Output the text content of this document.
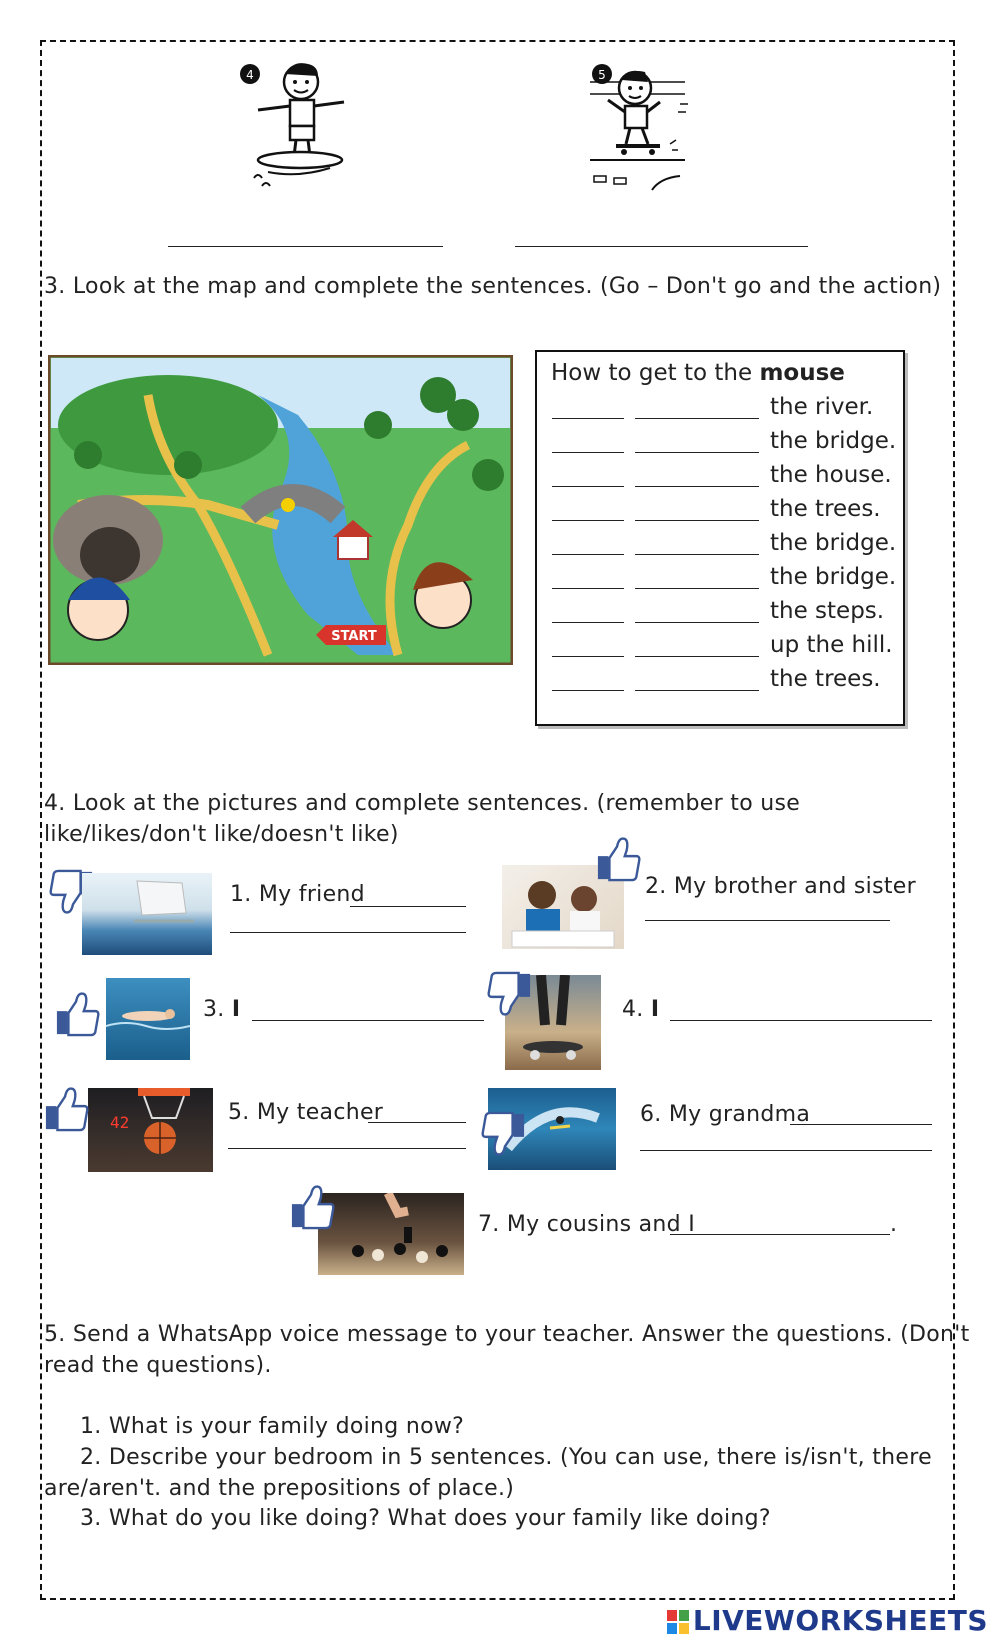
4	5
3. Look at the map and complete the sentences. (Go – Don't go and the action)
START
How to get to the mouse
the river.
the bridge.
the house.
the trees.
the bridge.
the bridge.
the steps.
up the hill.
the trees.
4. Look at the pictures and complete sentences. (remember to use like/likes/don't like/doesn't like)
1. My friend	2. My brother and sister
3. I	4. I
42	5. My teacher	6. My grandma
7. My cousins and I	.
5. Send a WhatsApp voice message to your teacher. Answer the questions. (Don't
read the questions).
1. What is your family doing now?
2. Describe your bedroom in 5 sentences. (You can use, there is/isn't, there
are/aren't. and the prepositions of place.)
3. What do you like doing? What does your family like doing?
LIVEWORKSHEETS
